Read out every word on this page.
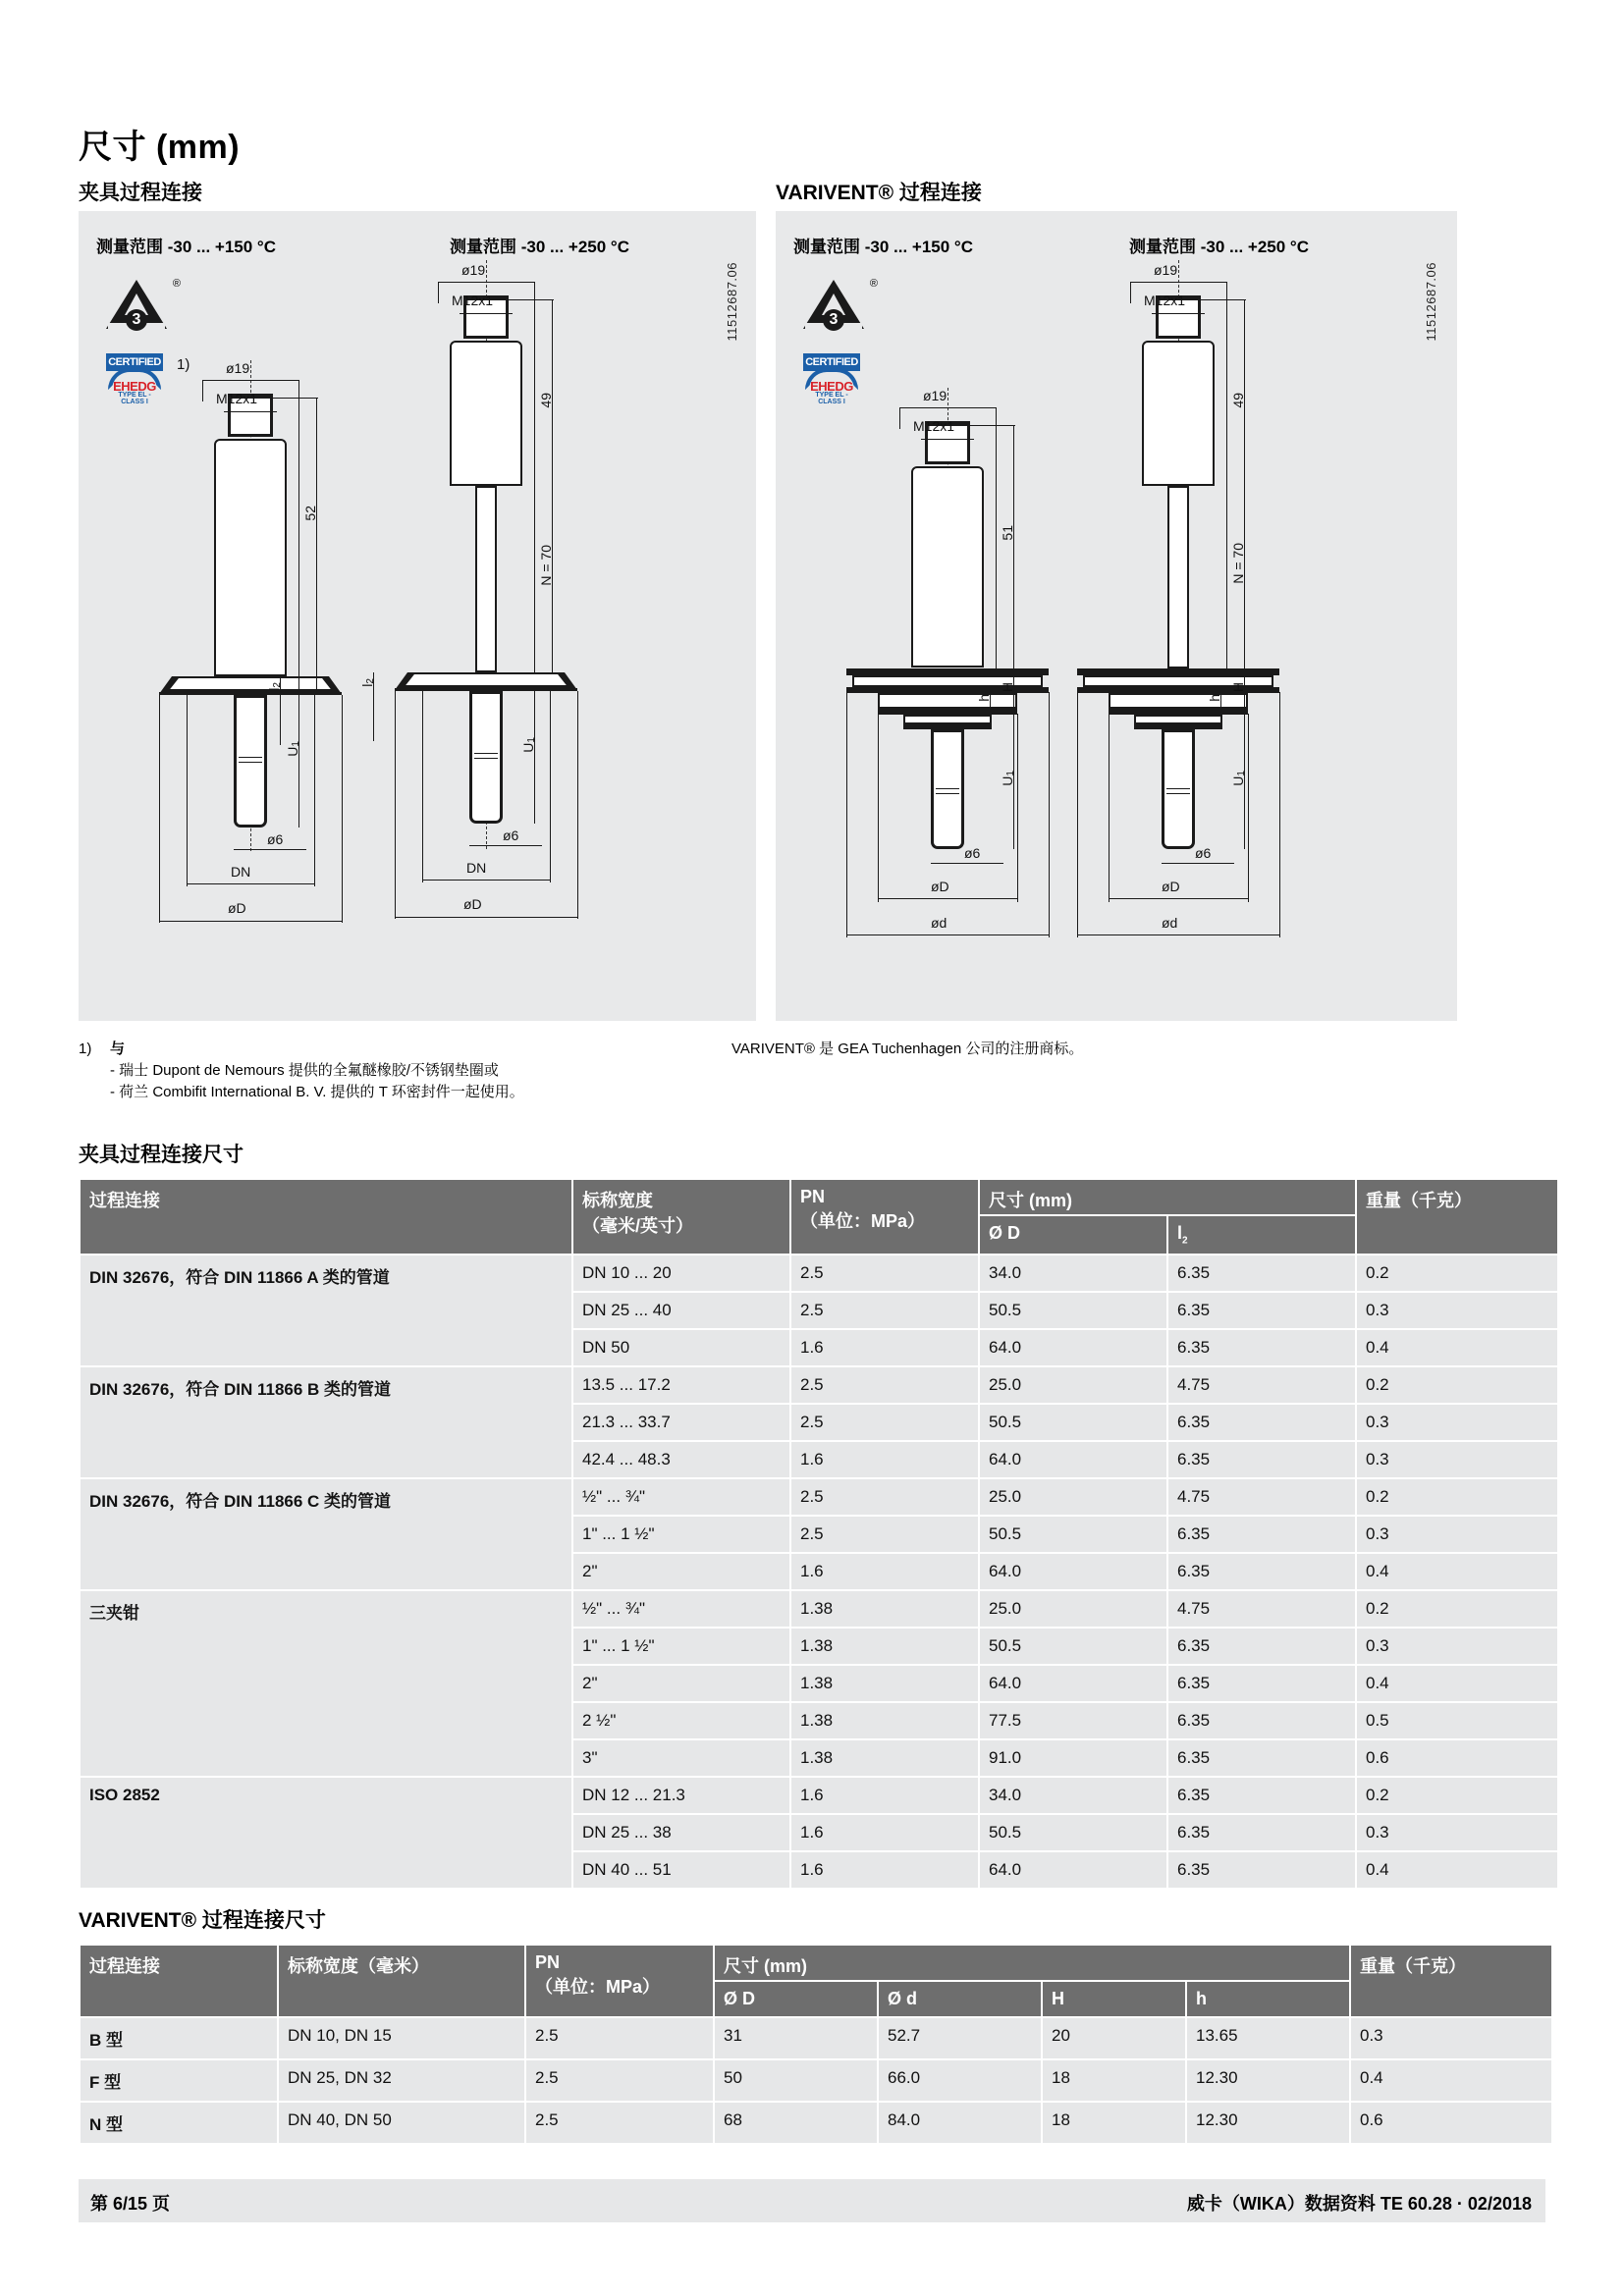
尺寸 (mm)
夹具过程连接	VARIVENT® 过程连接
测量范围 -30 ... +150 °C	测量范围 -30 ... +250 °C
3
®
CERTIFIED
EHEDG
TYPE EL - CLASS I
1)	ø19
M12x1
52
$l_2$
$U_1$
ø6
DN
øD
ø19
M12x1
49
N = 70
$l_2$
$U_1$
ø6
DN
øD
11512687.06
测量范围 -30 ... +150 °C	测量范围 -30 ... +250 °C
3
®
CERTIFIED
EHEDG
TYPE EL - CLASS I	ø19
M12x1
51
H
h
$U_1$
ø6
øD
ød
ø19
M12x1
49
N = 70
H
h
$U_1$
ø6
øD
ød
11512687.06
1) 与
- 瑞士 Dupont de Nemours 提供的全氟醚橡胶/不锈钢垫圈或
- 荷兰 Combifit International B. V. 提供的 T 环密封件一起使用。
VARIVENT® 是 GEA Tuchenhagen 公司的注册商标。
夹具过程连接尺寸
过程连接	标称宽度
（毫米/英寸）

PN
（单位：MPa）
	尺寸 (mm)	重量（千克）
			Ø D	$l_2$
DIN 32676，符合 DIN 11866 A 类的管道	DN 10 ... 20	2.5	34.0	6.35	0.2
	DN 25 ... 40	2.5	50.5	6.35	0.3
	DN 50	1.6	64.0	6.35	0.4
DIN 32676，符合 DIN 11866 B 类的管道	13.5 ... 17.2	2.5	25.0	4.75	0.2
	21.3 ... 33.7	2.5	50.5	6.35	0.3
	42.4 ... 48.3	1.6	64.0	6.35	0.3
DIN 32676，符合 DIN 11866 C 类的管道	½" ... ¾"	2.5	25.0	4.75	0.2
	1" ... 1 ½"	2.5	50.5	6.35	0.3
	2"	1.6	64.0	6.35	0.4
三夹钳	½" ... ¾"	1.38	25.0	4.75	0.2
	1" ... 1 ½"	1.38	50.5	6.35	0.3
	2"	1.38	64.0	6.35	0.4
	2 ½"	1.38	77.5	6.35	0.5
	3"	1.38	91.0	6.35	0.6
ISO 2852	DN 12 ... 21.3	1.6	34.0	6.35	0.2
	DN 25 ... 38	1.6	50.5	6.35	0.3
	DN 40 ... 51	1.6	64.0	6.35	0.4
VARIVENT® 过程连接尺寸
过程连接	标称宽度（毫米）	PN
（单位：MPa）	尺寸 (mm)				重量（千克）
			Ø D	Ø d	H	h	
B 型	DN 10, DN 15	2.5	31	52.7	20	13.65	0.3
F 型	DN 25, DN 32	2.5	50	66.0	18	12.30	0.4
N 型	DN 40, DN 50	2.5	68	84.0	18	12.30	0.6
第 6/15 页	威卡（WIKA）数据资料 TE 60.28 · 02/2018
